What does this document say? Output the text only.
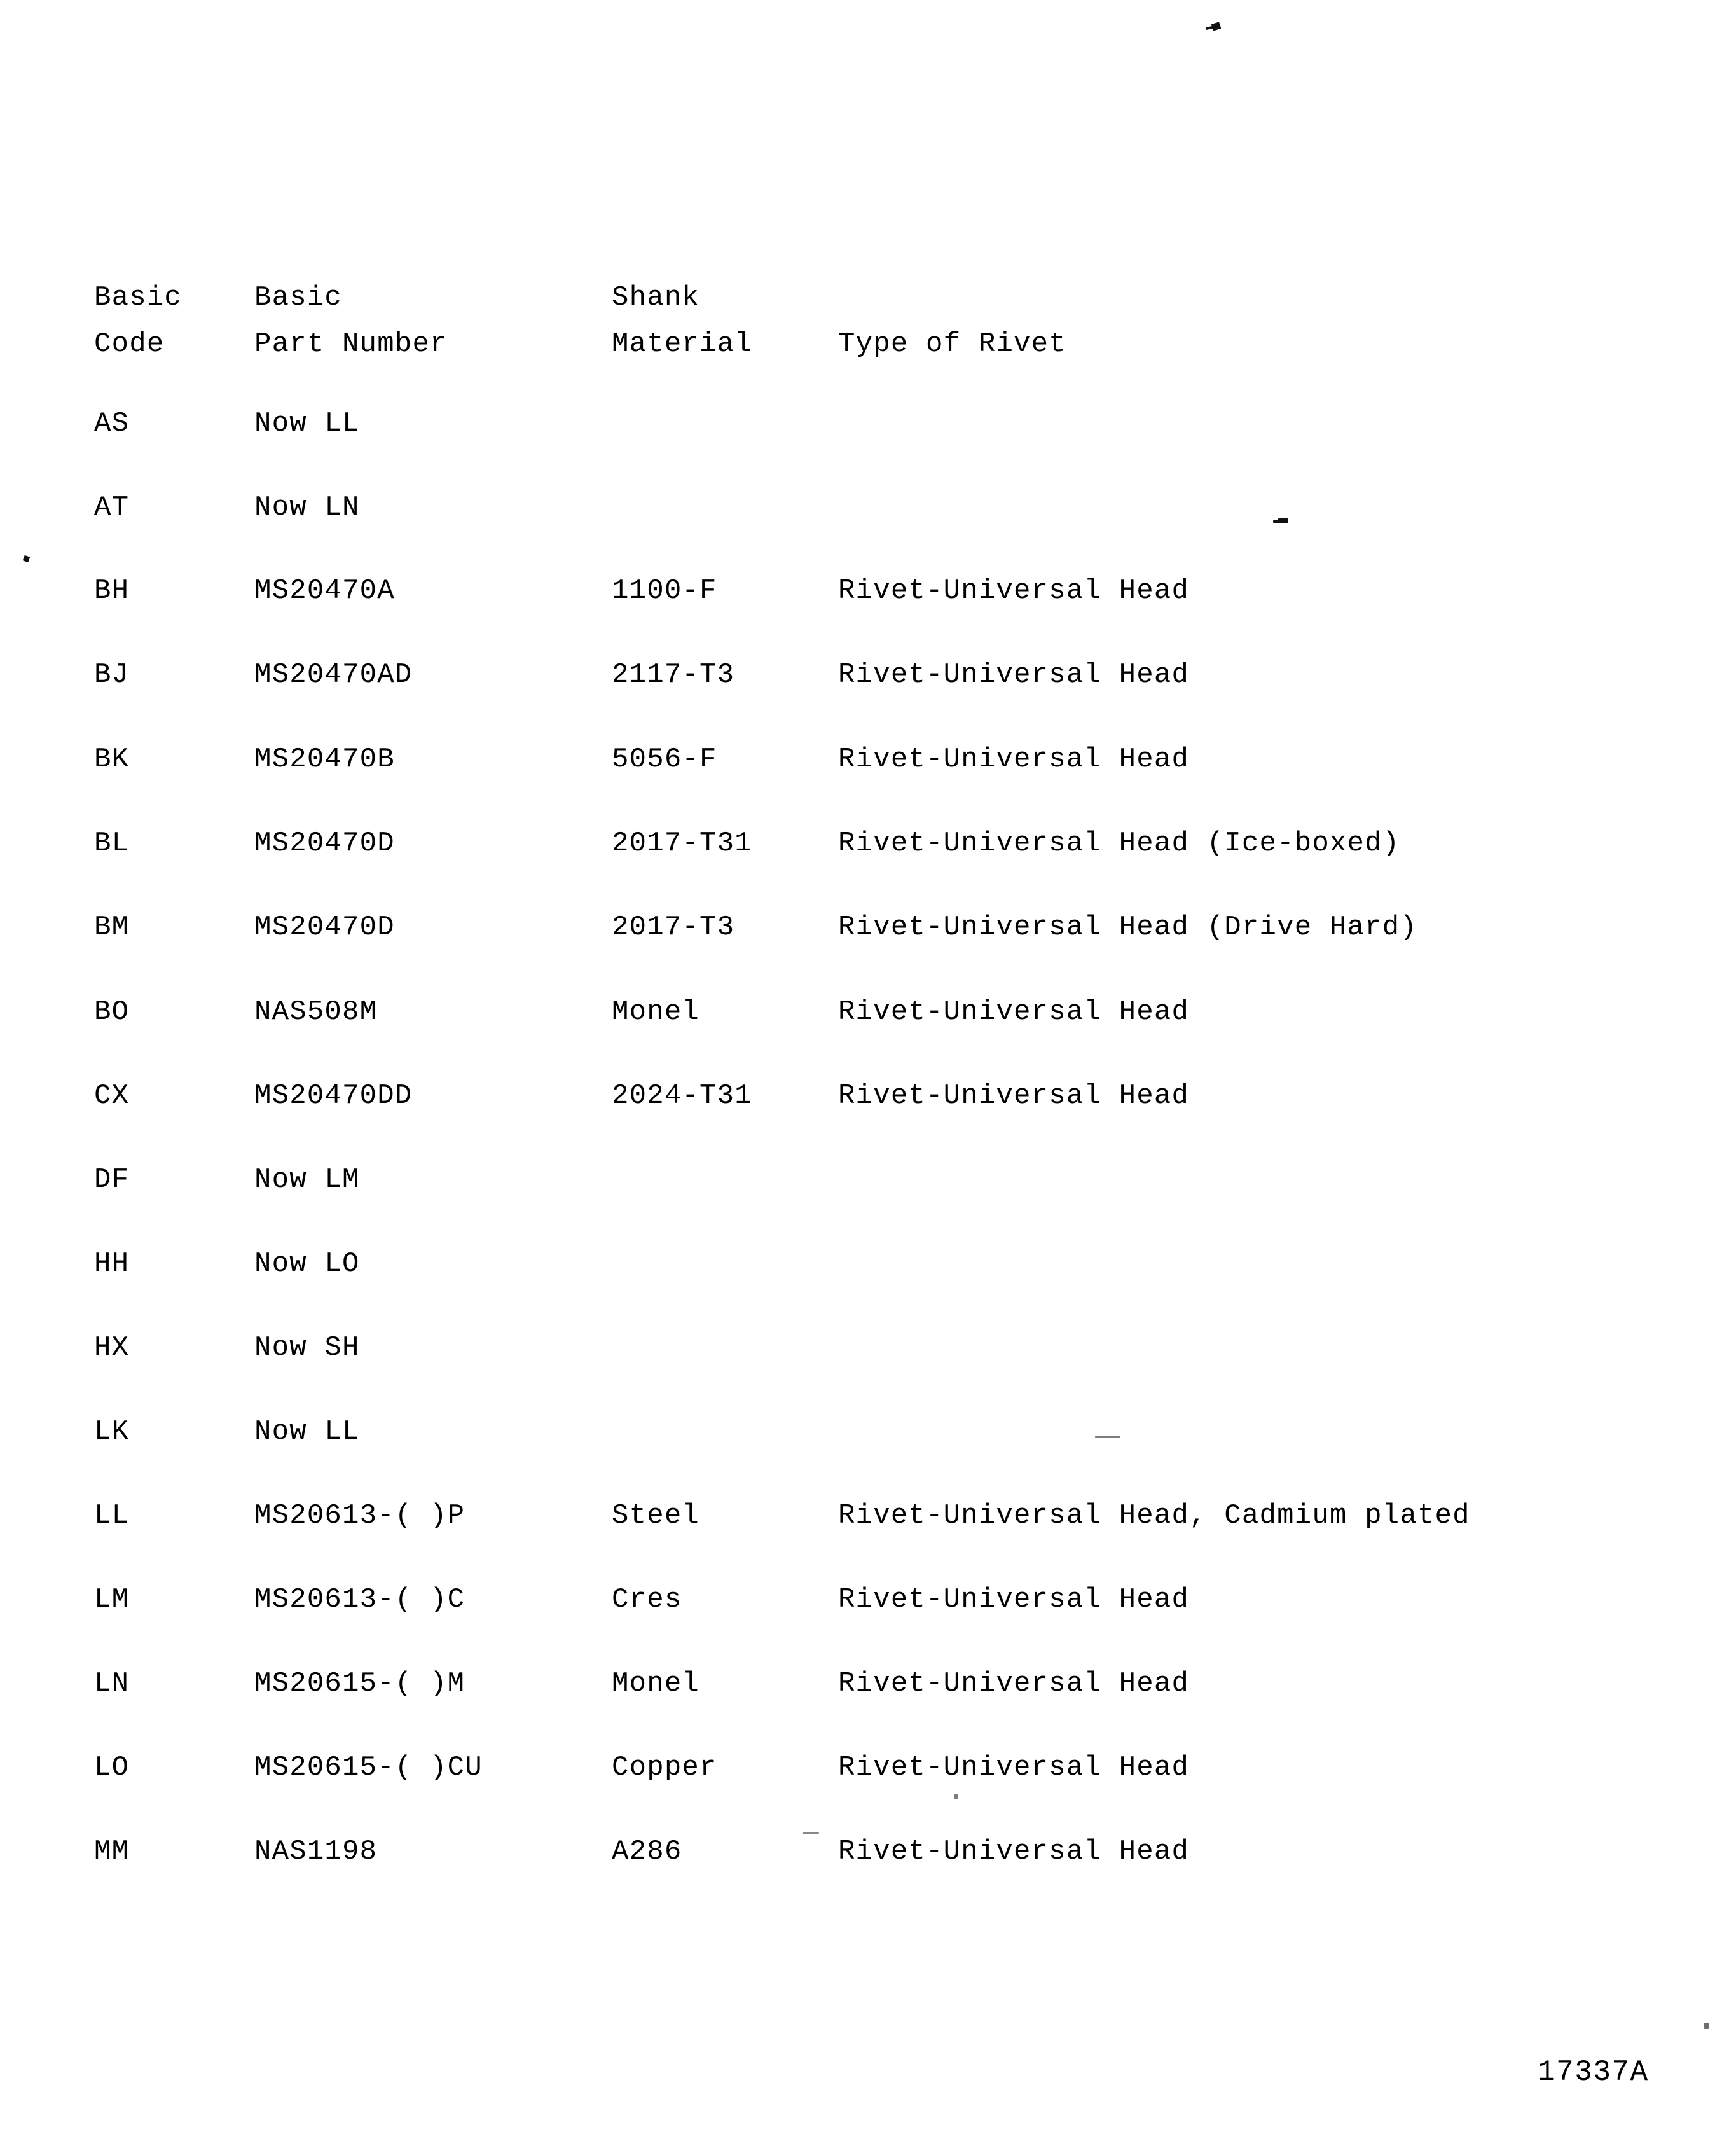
Basic	Basic	Shank
Code	Part Number	Material	Type of Rivet
AS	Now LL
AT	Now LN
BH	MS20470A	1100-F	Rivet-Universal Head
BJ	MS20470AD	2117-T3	Rivet-Universal Head
BK	MS20470B	5056-F	Rivet-Universal Head
BL	MS20470D	2017-T31	Rivet-Universal Head (Ice-boxed)
BM	MS20470D	2017-T3	Rivet-Universal Head (Drive Hard)
BO	NAS508M	Monel	Rivet-Universal Head
CX	MS20470DD	2024-T31	Rivet-Universal Head
DF	Now LM
HH	Now LO
HX	Now SH
LK	Now LL
LL	MS20613-( )P	Steel	Rivet-Universal Head, Cadmium plated
LM	MS20613-( )C	Cres	Rivet-Universal Head
LN	MS20615-( )M	Monel	Rivet-Universal Head
LO	MS20615-( )CU	Copper	Rivet-Universal Head
MM	NAS1198	A286	Rivet-Universal Head
17337A
